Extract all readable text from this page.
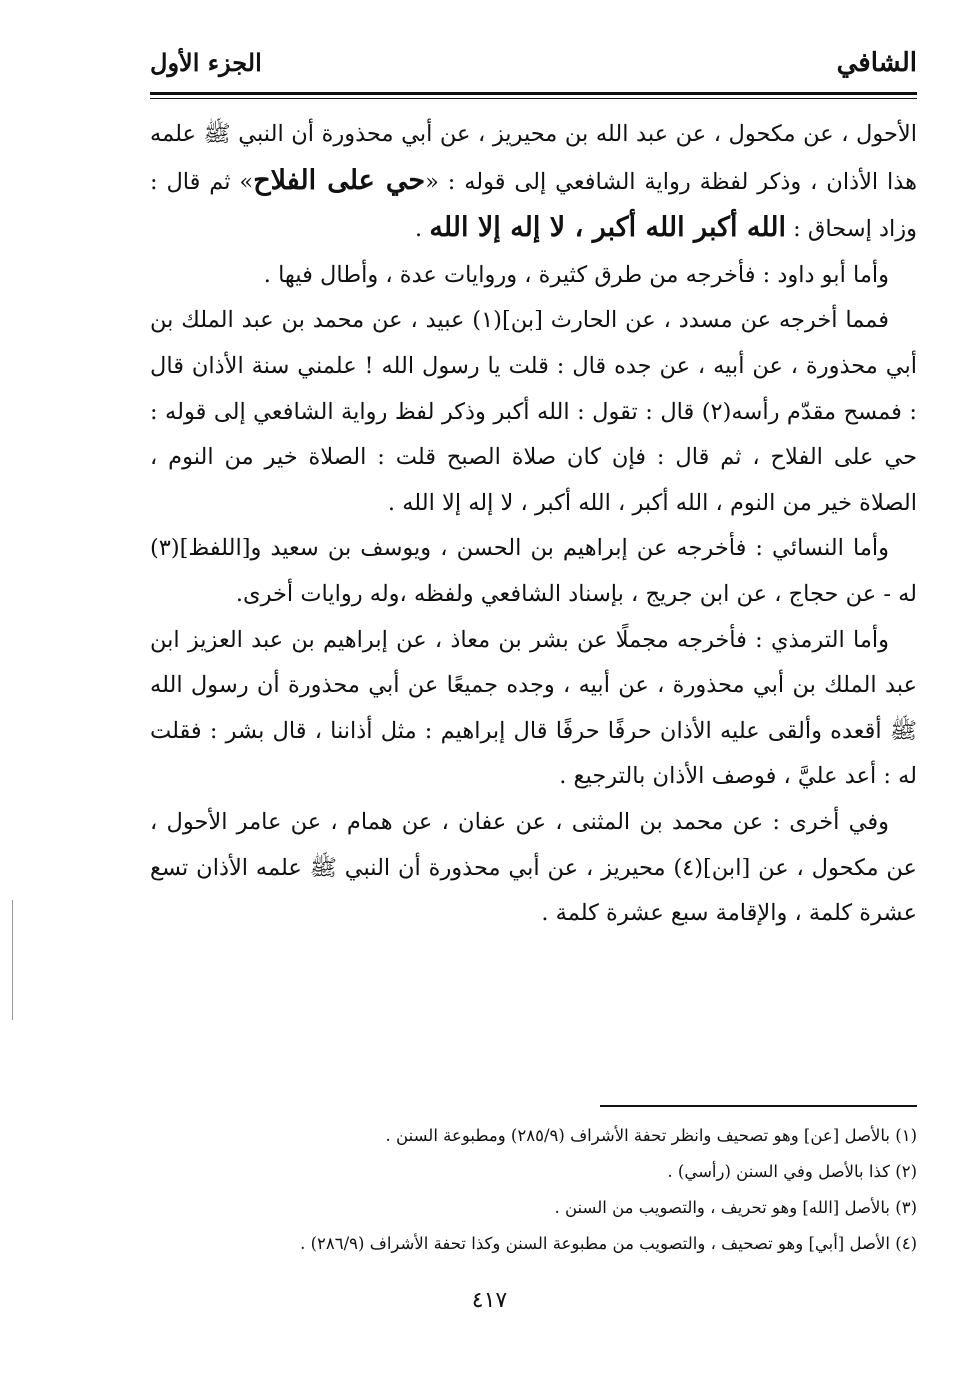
الشافي
الجزء الأول

الأحول ، عن مكحول ، عن عبد الله بن محيريز ، عن أبي محذورة أن النبي ﷺ علمه هذا الأذان ، وذكر لفظة رواية الشافعي إلى قوله : «حي على الفلاح» ثم قال : وزاد إسحاق : الله أكبر الله أكبر ، لا إله إلا الله .

وأما أبو داود : فأخرجه من طرق كثيرة ، وروايات عدة ، وأطال فيها .

فمما أخرجه عن مسدد ، عن الحارث [بن](١) عبيد ، عن محمد بن عبد الملك بن أبي محذورة ، عن أبيه ، عن جده قال : قلت يا رسول الله ! علمني سنة الأذان قال : فمسح مقدّم رأسه(٢) قال : تقول : الله أكبر وذكر لفظ رواية الشافعي إلى قوله : حي على الفلاح ، ثم قال : فإن كان صلاة الصبح قلت : الصلاة خير من النوم ، الصلاة خير من النوم ، الله أكبر ، الله أكبر ، لا إله إلا الله .

وأما النسائي : فأخرجه عن إبراهيم بن الحسن ، ويوسف بن سعيد و[اللفظ](٣) له - عن حجاج ، عن ابن جريج ، بإسناد الشافعي ولفظه ،وله روايات أخرى.

وأما الترمذي : فأخرجه مجملًا عن بشر بن معاذ ، عن إبراهيم بن عبد العزيز ابن عبد الملك بن أبي محذورة ، عن أبيه ، وجده جميعًا عن أبي محذورة أن رسول الله ﷺ أقعده وألقى عليه الأذان حرفًا حرفًا قال إبراهيم : مثل أذاننا ، قال بشر : فقلت له : أعد عليَّ ، فوصف الأذان بالترجيع .

وفي أخرى : عن محمد بن المثنى ، عن عفان ، عن همام ، عن عامر الأحول ، عن مكحول ، عن [ابن](٤) محيريز ، عن أبي محذورة أن النبي ﷺ علمه الأذان تسع عشرة كلمة ، والإقامة سبع عشرة كلمة .

(١) بالأصل [عن] وهو تصحيف وانظر تحفة الأشراف (٢٨٥/٩) ومطبوعة السنن .
(٢) كذا بالأصل وفي السنن (رأسي) .
(٣) بالأصل [الله] وهو تحريف ، والتصويب من السنن .
(٤) الأصل [أبي] وهو تصحيف ، والتصويب من مطبوعة السنن وكذا تحفة الأشراف (٢٨٦/٩) .
٤١٧
